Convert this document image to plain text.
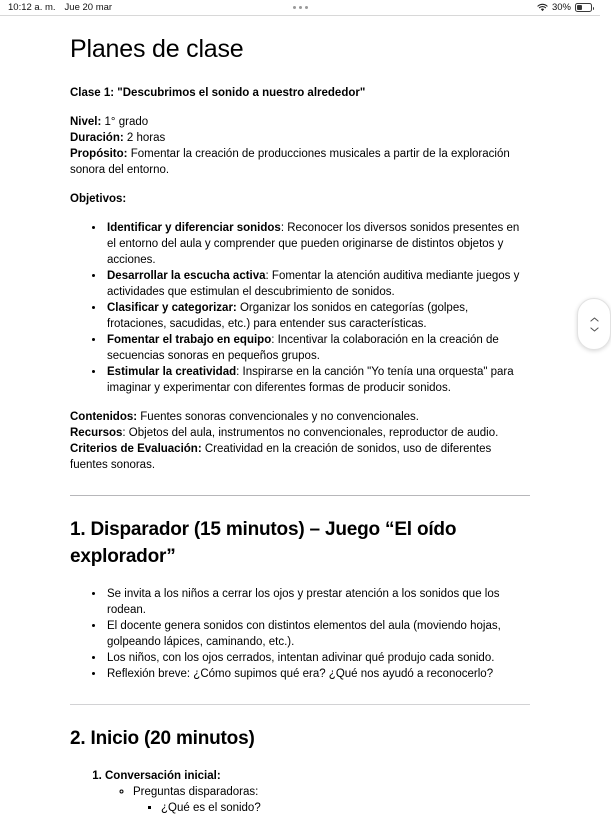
10:12 a. m. Jue 20 mar	30%
Planes de clase

Clase 1: "Descubrimos el sonido a nuestro alrededor"

Nivel: 1° grado
Duración: 2 horas
Propósito: Fomentar la creación de producciones musicales a partir de la exploración sonora del entorno.

Objetivos:

• Identificar y diferenciar sonidos: Reconocer los diversos sonidos presentes en el entorno del aula y comprender que pueden originarse de distintos objetos y acciones.
• Desarrollar la escucha activa: Fomentar la atención auditiva mediante juegos y actividades que estimulan el descubrimiento de sonidos.
• Clasificar y categorizar: Organizar los sonidos en categorías (golpes, frotaciones, sacudidas, etc.) para entender sus características.
• Fomentar el trabajo en equipo: Incentivar la colaboración en la creación de secuencias sonoras en pequeños grupos.
• Estimular la creatividad: Inspirarse en la canción "Yo tenía una orquesta" para imaginar y experimentar con diferentes formas de producir sonidos.

Contenidos: Fuentes sonoras convencionales y no convencionales.
Recursos: Objetos del aula, instrumentos no convencionales, reproductor de audio.
Criterios de Evaluación: Creatividad en la creación de sonidos, uso de diferentes fuentes sonoras.

1. Disparador (15 minutos) – Juego “El oído explorador”
• Se invita a los niños a cerrar los ojos y prestar atención a los sonidos que los rodean.
• El docente genera sonidos con distintos elementos del aula (moviendo hojas, golpeando lápices, caminando, etc.).
• Los niños, con los ojos cerrados, intentan adivinar qué produjo cada sonido.
• Reflexión breve: ¿Cómo supimos qué era? ¿Qué nos ayudó a reconocerlo?
2. Inicio (20 minutos)
1. Conversación inicial:
◦ Preguntas disparadoras:
▪ ¿Qué es el sonido?
